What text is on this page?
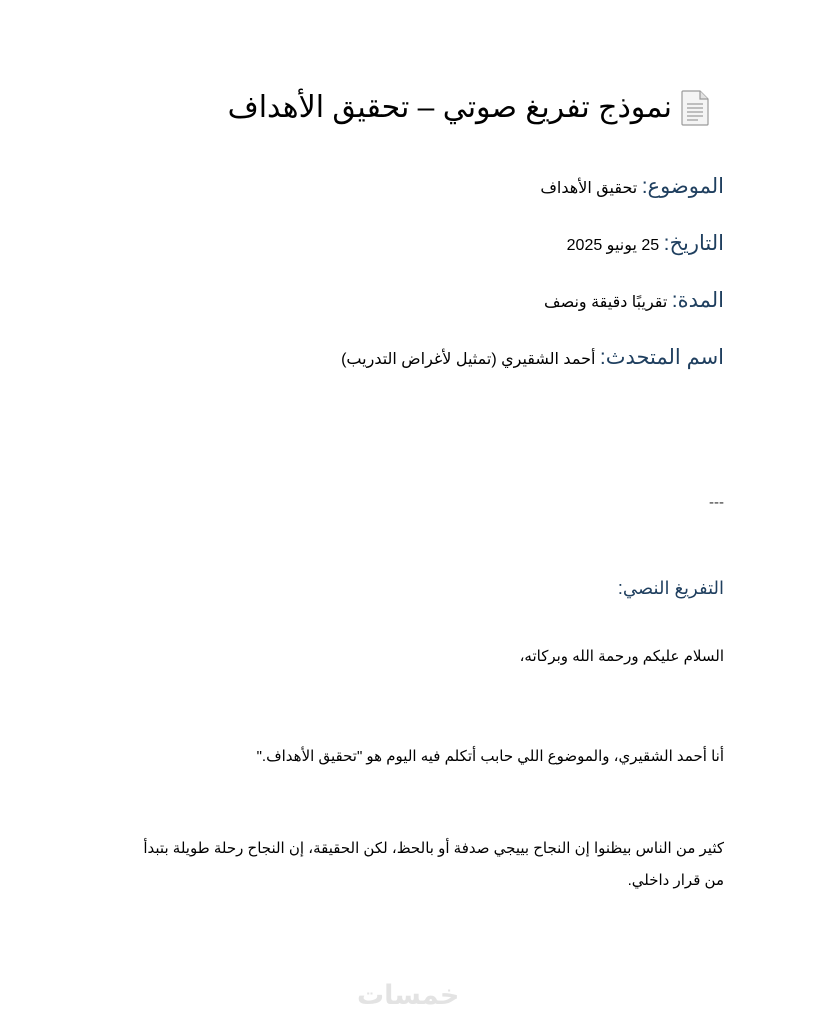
نموذج تفريغ صوتي – تحقيق الأهداف
الموضوع: تحقيق الأهداف
التاريخ: 25 يونيو 2025
المدة: تقريبًا دقيقة ونصف
اسم المتحدث: أحمد الشقيري (تمثيل لأغراض التدريب)
---
التفريغ النصي:

السلام عليكم ورحمة الله وبركاته،

أنا أحمد الشقيري، والموضوع اللي حابب أتكلم فيه اليوم هو "تحقيق الأهداف."

كثير من الناس بيظنوا إن النجاح بييجي صدفة أو بالحظ، لكن الحقيقة، إن النجاح رحلة طويلة بتبدأ من قرار داخلي.

خمسات
